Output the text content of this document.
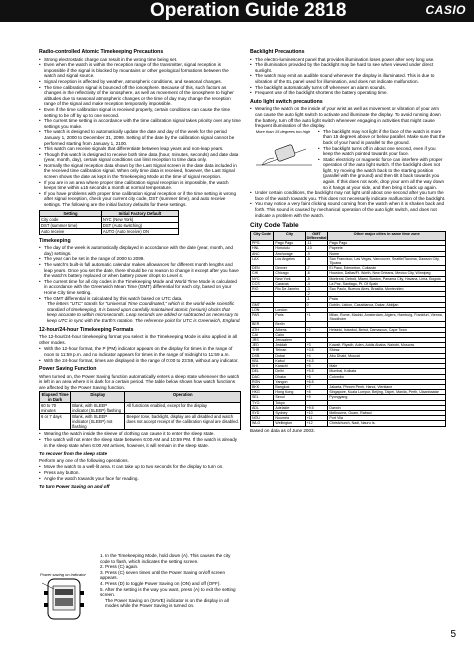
Operation Guide 2818	CASIO
Radio-controlled Atomic Timekeeping Precautions
• Strong electrostatic charge can result in the wrong time being set.
• Even when the watch is within the reception range of the transmitter, signal reception is impossible if the signal is blocked by mountains or other geological formations between the watch and signal source.
• Signal reception is affected by weather, atmospheric conditions, and seasonal changes.
• The time calibration signal is bounced off the ionosphere. Because of this, such factors as changes in the reflectivity of the ionosphere, as well as movement of the ionosphere to higher altitudes due to seasonal atmospheric changes or the time of day may change the reception range of the signal and make reception temporarily impossible.
• Even if the time calibration signal is received properly, certain conditions can cause the time setting to be off by up to one second.
• The current time setting in accordance with the time calibration signal takes priority over any time settings you make.
• The watch is designed to automatically update the date and day of the week for the period January 1, 2000 to December 31, 2099. Setting of the date by the calibration signal cannot be performed starting from January 1, 2100.
• This watch can receive signals that differentiate between leap years and non-leap years.
• Though this watch is designed to receive both time data (hour, minutes, seconds) and date data (year, month, day), certain signal conditions can limit reception to time data only.
• Normally the signal reception data shown by the Last Signal screen is the date data included in the received time calibration signal. When only time data is received, however, the Last Signal screen shows the date as kept in the Timekeeping Mode at the time of signal reception.
• If you are in an area where proper time calibration signal reception is impossible, the watch keeps time within ±15 seconds a month at normal temperature.
• If you have problems with proper time calibration signal reception or if the time setting is wrong after signal reception, check your current city code, DST (summer time), and auto receive settings. The following are the initial factory defaults for these settings.
Setting	Initial Factory Default
City code	NYC (New York)
DST (summer time)	DST (Auto switching)
Auto receive	AUTO (Auto receive) ON
Timekeeping
• The day of the week is automatically displayed in accordance with the date (year, month, and day) settings.
• The year can be set in the range of 2000 to 2099.
• The watch's built-in full automatic calendar makes allowances for different month lengths and leap years. Once you set the date, there should be no reason to change it except after you have the watch's battery replaced or when battery power drops to Level 4.
• The current time for all city codes in the Timekeeping Mode and World Time Mode is calculated in accordance with the Greenwich Mean Time (GMT) differential for each city, based on your Home City time setting.
• The GMT differential is calculated by this watch based on UTC data.

The letters "UTC" stands for "Universal Time Coordinated," which is the world-wide scientific standard of timekeeping. It is based upon carefully maintained atomic (cesium) clocks that keep accurate to within microseconds. Leap seconds are added or subtracted as necessary to keep UTC in sync with the Earth's rotation. The reference point for UTC is Greenwich, England.

12-hour/24-hour Timekeeping Formats

The 12-hour/24-hour timekeeping format you select in the Timekeeping Mode is also applied in all other modes.

• With the 12-hour format, the P (PM) indicator appears on the display for times in the range of noon to 11:59 p.m. and no indicator appears for times in the range of midnight to 11:59 a.m.
• With the 24-hour format, times are displayed in the range of 0:00 to 23:59, without any indicator.
Power Saving Function

When turned on, the Power Saving function automatically enters a sleep state whenever the watch is left in an area where it is dark for a certain period. The table below shows how watch functions are affected by the Power Saving function.

Elapsed Time in Dark	Display	Operation
60 to 70 minutes	Blank, with SLEEP indicator (SLEEP) flashing	All functions enabled, except for the display
6 or 7 days	Blank, with SLEEP indicator (SLEEP) not flashing	Beeper tone, backlight, display are all disabled and watch does not accept receipt of the calibration signal are disabled.
• Wearing the watch inside the sleeve of clothing can cause it to enter the sleep state.
• The watch will not enter the sleep state between 6:00 AM and 10:59 PM. If the watch is already in the sleep state when 6:00 AM arrives, however, it will remain in the sleep state.

To recover from the sleep state

Perform any one of the following operations.

• Move the watch to a well-lit area. It can take up to two seconds for the display to turn on.
• Press any button.
• Angle the watch towards your face for reading.

To turn Power Saving on and off

Power saving on indicator
1. In the Timekeeping Mode, hold down (A). This causes the city code to flash, which indicates the setting screen.
2. Press (C) again.
3. Press (C) seven times until the Power Saving on/off screen appears.
4. Press (D) to toggle Power Saving on (ON) and off (OFF).
5. After the setting is the way you want, press (A) to exit the setting screen.
The Power Saving on (SAVE) indicator is on the display in all modes while the Power Saving is turned on.
Backlight Precautions
• The electro-luminescent panel that provides illumination loses power after very long use.
• The illumination provided by the backlight may be hard to see when viewed under direct sunlight.
• The watch may emit an audible sound whenever the display is illuminated. This is due to vibration of the EL panel used for illumination, and does not indicate malfunction.
• The backlight automatically turns off whenever an alarm sounds.
• Frequent use of the backlight shortens the battery operating time.
Auto light switch precautions
• Wearing the watch on the inside of your wrist as well as movement or vibration of your arm can cause the auto light switch to activate and illuminate the display. To avoid running down the battery, turn off the auto light switch whenever engaging in activities that might cause frequent illumination of the display.
• The backlight may not light if the face of the watch is more than 15 degrees above or below parallel. Make sure that the back of your hand is parallel to the ground.
• The backlight turns off in about one second, even if you keep the watch pointed towards your face.
• Static electricity or magnetic force can interfere with proper operation of the auto light switch. If the backlight does not light, try moving the watch back to the starting position (parallel with the ground) and then tilt it back towards you again. If this does not work, drop your arm all the way down so it hangs at your side, and then bring it back up again.
• Under certain conditions, the backlight may not light until about one second after you turn the face of the watch towards you. This does not necessarily indicate malfunction of the backlight.
• You may notice a very faint clicking sound coming from the watch when it is shaken back and forth. This sound is caused by mechanical operation of the auto light switch, and does not indicate a problem with the watch.
City Code Table
City Code	City	GMT Differential	Other major cities in same time zone
PPG	Pago Pago	-11	Pago Pago
HNL	Honolulu	-10	Papeete
ANC	Anchorage	-9	Nome
LAX	Los Angeles	-8	San Francisco, Las Vegas, Vancouver, Seattle/Tacoma, Dawson City, Tijuana
DEN	Denver	-7	El Paso, Edmonton, Culiacán
CHI	Chicago	-6	Houston, Dallas/Ft. Worth, New Orleans, Mexico City, Winnipeg
NYC	New York	-5	Montreal, Detroit, Miami, Boston, Panama City, Havana, Lima, Bogota
CCS	Caracas	-4	La Paz, Santiago, Pt. Of Spain
RIO	Rio De Janeiro	-3	Sao Paulo, Buenos Aires, Brasilia, Montevideo
		-2	
		-1	Praia
GMT		0	Dublin, Lisbon, Casablanca, Dakar, Abidjan
LON	London		
PAR	Paris	+1	Milan, Rome, Madrid, Amsterdam, Algiers, Hamburg, Frankfurt, Vienna, Stockholm
BER	Berlin		
ATH	Athens	+2	Helsinki, Istanbul, Beirut, Damascus, Cape Town
CAI	Cairo		
JRS	Jerusalem		
JED	Jeddah	+3	Kuwait, Riyadh, Aden, Addis Ababa, Nairobi, Moscow
THR	Tehran	+3.5	Shiraz
DXB	Dubai	+4	Abu Dhabi, Muscat
KBL	Kabul	+4.5	
KHI	Karachi	+5	Male
DEL	Delhi	+5.5	Mumbai, Kolkata
DAC	Dhaka	+6	Colombo
RGN	Yangon	+6.5	
BKK	Bangkok	+7	Jakarta, Phnom Penh, Hanoi, Vientiane
HKG	Hong Kong	+8	Singapore, Kuala Lumpur, Beijing, Taipei, Manila, Perth, Ulaanbaatar
SEL	Seoul	+9	Pyongyang
TYO	Tokyo		
ADL	Adelaide	+9.5	Darwin
SYD	Sydney	+10	Melbourne, Guam, Rabaul
NOU	Nouméa	+11	Port Vila
WLG	Wellington	+12	Christchurch, Nadi, Nauru Is.
Based on data as of June 2003.
More than 15 degrees too high
5
